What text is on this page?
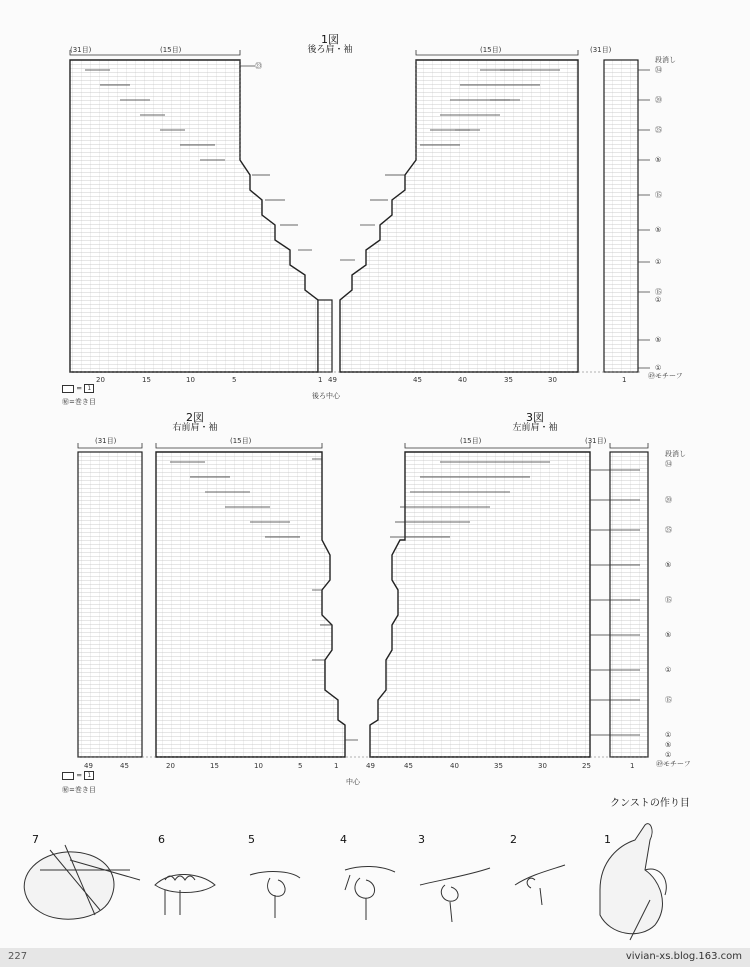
1図
後ろ肩・袖
(31目)	(15目)	(15目)	(31目)
段消し
㉞
⑳
㉕
⑤
⑮
⑤
①
⑮
①
⑤
①
㉓
㊾モチーフ
20	15	10	5	1 49	45	40	35	30	1
後ろ中心
= 1
㊙=巻き目
2図
右前肩・袖
(31目)	(15目)
49	45	20	15	10	5	1
= 1
㊙=巻き目
中心
3図
左前肩・袖
(15目)	(31目)
段消し
㉞
⑳
㉕
⑤
⑮
⑤
①
⑮
①
⑤
①
㊾モチーフ
49	45	40	35	30	25	1
クンストの作り目
7	6	5	4	3	2	1
227	vivian-xs.blog.163.com
